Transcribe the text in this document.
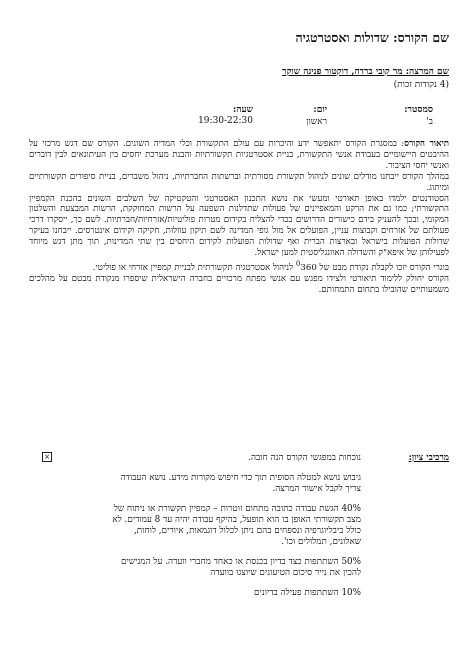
שם הקורס: שדולות ואסטרטגיה
שם המרצה: מר קובי ברדה, דוקטור פנינה שוקר
(4 נקודות זכות)
סמסטר:
ב'
יום:
ראשון
שעה:
19:30-22:30

תיאור הקורס: במסגרת הקורס יתאפשר ידע והיכרות עם עולם התקשורת וכלי המדיה השונים. הקורס שם דגש מרכזי על ההיבטים היישומיים בעבודת אנשי התקשורת, בניית אסטרטגיות תקשורתיות והבנת מערכת יחסים בין העיתונאים לבין דוברים ואנשי יחסי הציבור.

במהלך הקורס ייבחנו מודלים שונים לניהול תקשורת מסורתית וברשתות החברתיות, ניהול משברים, בניית סיפורים תקשורתיים ומיתוג.

הסטודנטים ילמדו באופן תאורטי ומעשי את נושא התכנון האסטרטגי והטקטיקה של השלבים השונים בהכנת הקמפיין התקשורתי; כמו גם את הרקע והמאפיינים של פעולות שתדלנות השפעה על הרשות המחוקקת, הרשות המבצעת והשלטון המקומי, ובכך להעניק בידם כישורים הדרושים בכדי להצליח בקידום מטרות פוליטיות/אזרחיות/חברתיות. לשם כך, ייסקרו דרכי פעולתם של אזרחים וקבוצות עניין, הפועלים אל מול גופי המדינה לשם תיקון עוולות, חקיקה וקידום אינטרסים. ייבחנו בעיקר שדולות הפועלות בישראל ובארצות הברית ואף שדולות הפועלות לקידום היחסים בין שתי המדינות, תוך מתן דגש מיוחד לפעילותן של איפא"ק והשדולה האוונגליסטית למען ישראל.

בוגרי הקורס יזכו לקבלת נקודת מבט של $^0$360 לניהול אסטרטגיה תקשורתית לבניית קמפיין אזרחי או פוליטי.

הקורס יחולק ללימוד תיאורטי ולצידו מפגש עם אנשי מפתח מרכזיים בחברה הישראלית שיספרו מנקודת מבטם על מהלכים משמעותיים שהובילו בתחום התמחותם.

מרכיבי ציון:
×	נוכחות במפגשי הקורס הנה חובה.

גיבוש נושא למטלה הסופית תוך כדי חיפוש מקורות מידע. נושא העבודה צריך לקבל אישור המרצה.

40% הגשת עבודה כתובה מתחום זוטרות – קמפיין תקשורת או ניתוח של מצב תקשורתי האופן בו הוא תופעל, בהיקף עבודה יהיה עד 8 עמודים. לא כולל ביבליוגרפיה ונספחים בהם ניתן לכלול דוגמאות, איורים, לוחות, שאלונים, תמלולים וכו'.

50% השתתפות כצד בדיון בכנסת או כאחד מחברי וועדה. על המגישים להכין את נייר סיכום הטיעונים שיוצגו בוועדה

10% השתתפות פעילה בדיונים
